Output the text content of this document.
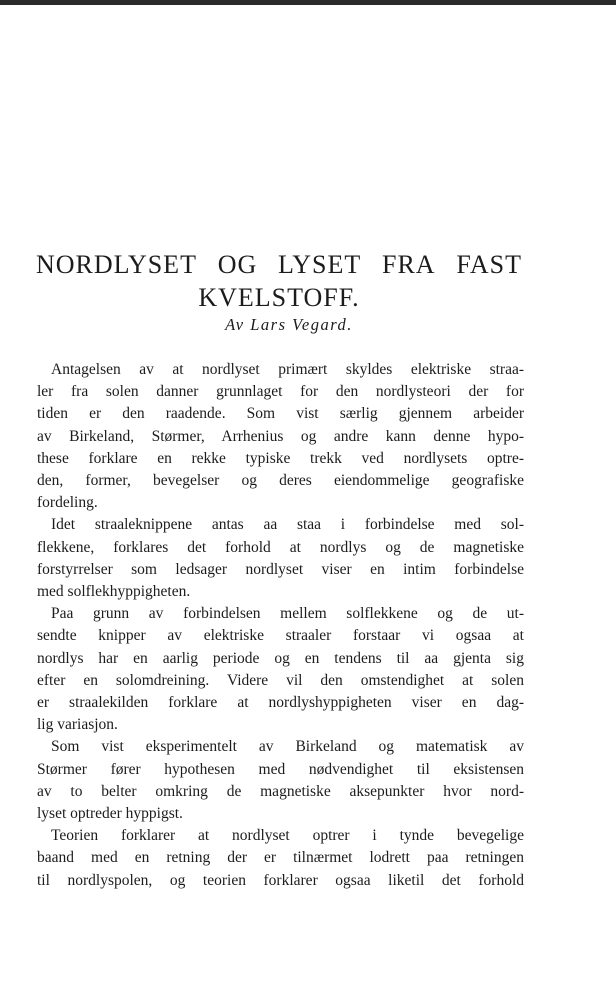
NORDLYSET OG LYSET FRA FAST
KVELSTOFF.
Av Lars Vegard.
Antagelsen av at nordlyset primært skyldes elektriske straa-
ler fra solen danner grunnlaget for den nordlysteori der for
tiden er den raadende. Som vist særlig gjennem arbeider
av Birkeland, Størmer, Arrhenius og andre kann denne hypo-
these forklare en rekke typiske trekk ved nordlysets optre-
den, former, bevegelser og deres eiendommelige geografiske
fordeling.
Idet straaleknippene antas aa staa i forbindelse med sol-
flekkene, forklares det forhold at nordlys og de magnetiske
forstyrrelser som ledsager nordlyset viser en intim forbindelse
med solflekhyppigheten.
Paa grunn av forbindelsen mellem solflekkene og de ut-
sendte knipper av elektriske straaler forstaar vi ogsaa at
nordlys har en aarlig periode og en tendens til aa gjenta sig
efter en solomdreining. Videre vil den omstendighet at solen
er straalekilden forklare at nordlyshyppigheten viser en dag-
lig variasjon.
Som vist eksperimentelt av Birkeland og matematisk av
Størmer fører hypothesen med nødvendighet til eksistensen
av to belter omkring de magnetiske aksepunkter hvor nord-
lyset optreder hyppigst.
Teorien forklarer at nordlyset optrer i tynde bevegelige
baand med en retning der er tilnærmet lodrett paa retningen
til nordlyspolen, og teorien forklarer ogsaa liketil det forhold
